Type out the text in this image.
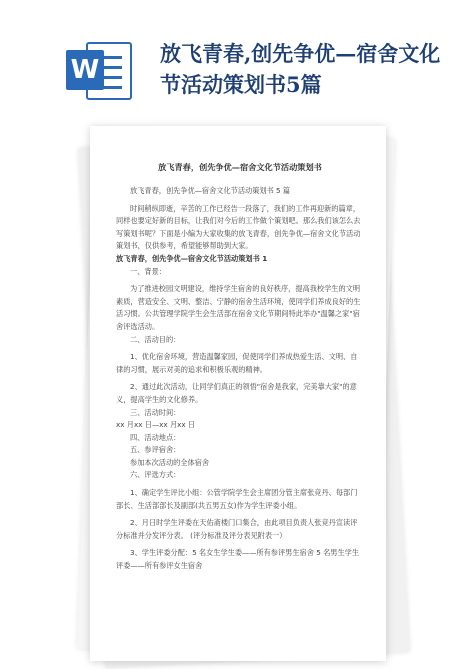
W
放飞青春,创先争优—宿舍文化节活动策划书5篇
放飞青春，创先争优—宿舍文化节活动策划书

放飞青春，创先争优—宿舍文化节活动策划书 5 篇

时间稍纵即逝，辛苦的工作已经告一段落了，我们的工作再迎新的篇章，同样也要定好新的目标，让我们对今后的工作做个策划吧。那么我们该怎么去写策划书呢？下面是小编为大家收集的放飞青春，创先争优—宿舍文化节活动策划书，仅供参考，希望能够帮助到大家。

放飞青春，创先争优—宿舍文化节活动策划书 1

一、背景：

为了推进校园文明建设，维持学生宿舍的良好秩序，提高我校学生的文明素质，营造安全、文明、整洁、宁静的宿舍生活环境，使同学们养成良好的生活习惯。公共管理学院学生会生活部在宿舍文化节期间特此举办"温馨之家"宿舍评选活动。

二、活动目的：

1、优化宿舍环境，营造温馨家园，促使同学们养成热爱生活、文明、自律的习惯，展示对美的追求和积极乐观的精神。

2、通过此次活动，让同学们真正的领悟"宿舍是我家，完美靠大家"的意义，提高学生的文化修养。

三、活动时间：

xx 月xx 日—xx 月xx 日

四、活动地点：

五、参评宿舍：

参加本次活动的全体宿舍

六、评选方式：

1、确定学生评比小组：公管学院学生会主席团分管主席张竞丹、每部门部长、生活部部长及副部(共五男五女)作为学生评委小组。

2、月日时学生评委在天佑斋楼门口集合，由此项目负责人张竞丹宣读评分标准并分发评分表。 (评分标准及评分表见附表一）

3、学生评委分配：5 名女生学生委——所有参评男生宿舍 5 名男生学生评委——所有参评女生宿舍
